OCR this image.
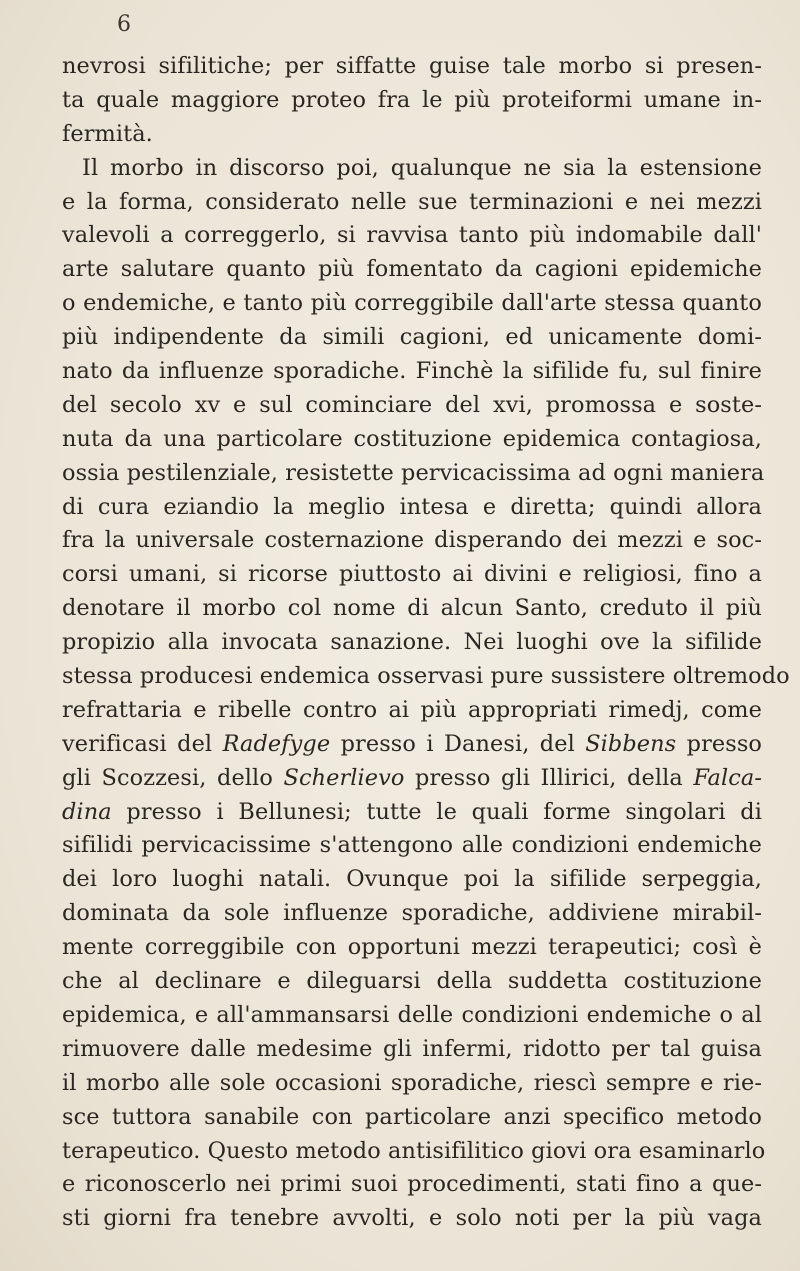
6
nevrosi sifilitiche; per siffatte guise tale morbo si presen-
ta quale maggiore proteo fra le più proteiformi umane in-
fermità.
Il morbo in discorso poi, qualunque ne sia la estensione
e la forma, considerato nelle sue terminazioni e nei mezzi
valevoli a correggerlo, si ravvisa tanto più indomabile dall'
arte salutare quanto più fomentato da cagioni epidemiche
o endemiche, e tanto più correggibile dall'arte stessa quanto
più indipendente da simili cagioni, ed unicamente domi-
nato da influenze sporadiche. Finchè la sifilide fu, sul finire
del secolo xv e sul cominciare del xvi, promossa e soste-
nuta da una particolare costituzione epidemica contagiosa,
ossia pestilenziale, resistette pervicacissima ad ogni maniera
di cura eziandio la meglio intesa e diretta; quindi allora
fra la universale costernazione disperando dei mezzi e soc-
corsi umani, si ricorse piuttosto ai divini e religiosi, fino a
denotare il morbo col nome di alcun Santo, creduto il più
propizio alla invocata sanazione. Nei luoghi ove la sifilide
stessa producesi endemica osservasi pure sussistere oltremodo
refrattaria e ribelle contro ai più appropriati rimedj, come
verificasi del Radefyge presso i Danesi, del Sibbens presso
gli Scozzesi, dello Scherlievo presso gli Illirici, della Falca-
dina presso i Bellunesi; tutte le quali forme singolari di
sifilidi pervicacissime s'attengono alle condizioni endemiche
dei loro luoghi natali. Ovunque poi la sifilide serpeggia,
dominata da sole influenze sporadiche, addiviene mirabil-
mente correggibile con opportuni mezzi terapeutici; così è
che al declinare e dileguarsi della suddetta costituzione
epidemica, e all'ammansarsi delle condizioni endemiche o al
rimuovere dalle medesime gli infermi, ridotto per tal guisa
il morbo alle sole occasioni sporadiche, riescì sempre e rie-
sce tuttora sanabile con particolare anzi specifico metodo
terapeutico. Questo metodo antisifilitico giovi ora esaminarlo
e riconoscerlo nei primi suoi procedimenti, stati fino a que-
sti giorni fra tenebre avvolti, e solo noti per la più vaga
